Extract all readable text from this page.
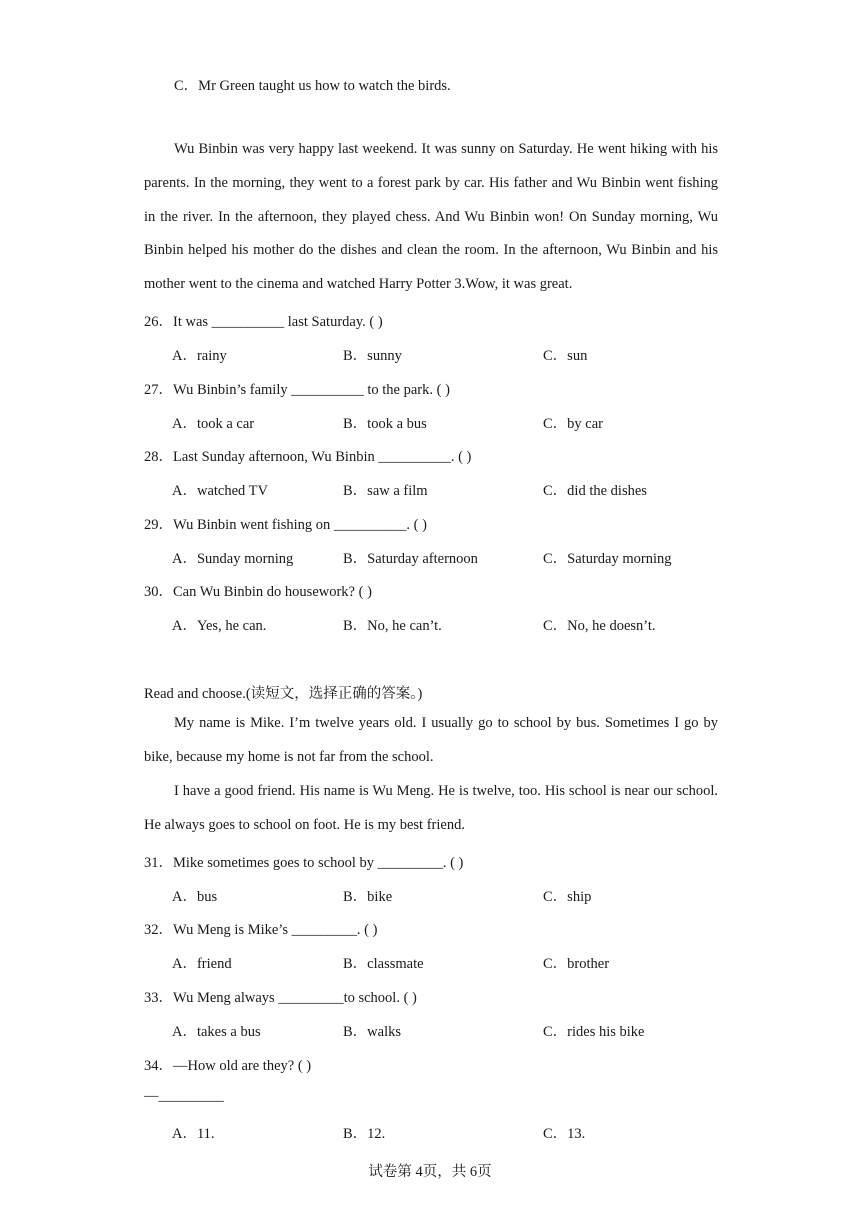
C．Mr Green taught us how to watch the birds.
Wu Binbin was very happy last weekend. It was sunny on Saturday. He went hiking with his parents. In the morning, they went to a forest park by car. His father and Wu Binbin went fishing in the river. In the afternoon, they played chess. And Wu Binbin won! On Sunday morning, Wu Binbin helped his mother do the dishes and clean the room. In the afternoon, Wu Binbin and his mother went to the cinema and watched Harry Potter 3.Wow, it was great.
26．It was __________ last Saturday. ( )
A．rainy	B．sunny	C．sun
27．Wu Binbin’s family __________ to the park. ( )
A．took a car	B．took a bus	C．by car
28．Last Sunday afternoon, Wu Binbin __________. ( )
A．watched TV	B．saw a film	C．did the dishes
29．Wu Binbin went fishing on __________. ( )
A．Sunday morning	B．Saturday afternoon	C．Saturday morning
30．Can Wu Binbin do housework? ( )
A．Yes, he can.	B．No, he can’t.	C．No, he doesn’t.
Read and choose.(读短文，选择正确的答案。)
My name is Mike. I’m twelve years old. I usually go to school by bus. Sometimes I go by bike, because my home is not far from the school.
I have a good friend. His name is Wu Meng. He is twelve, too. His school is near our school. He always goes to school on foot. He is my best friend.
31．Mike sometimes goes to school by _________. ( )
A．bus	B．bike	C．ship
32．Wu Meng is Mike’s _________. ( )
A．friend	B．classmate	C．brother
33．Wu Meng always _________to school. ( )
A．takes a bus	B．walks	C．rides his bike
34．—How old are they? ( )
—_________
A．11.	B．12.	C．13.
试卷第 4页，共 6页
